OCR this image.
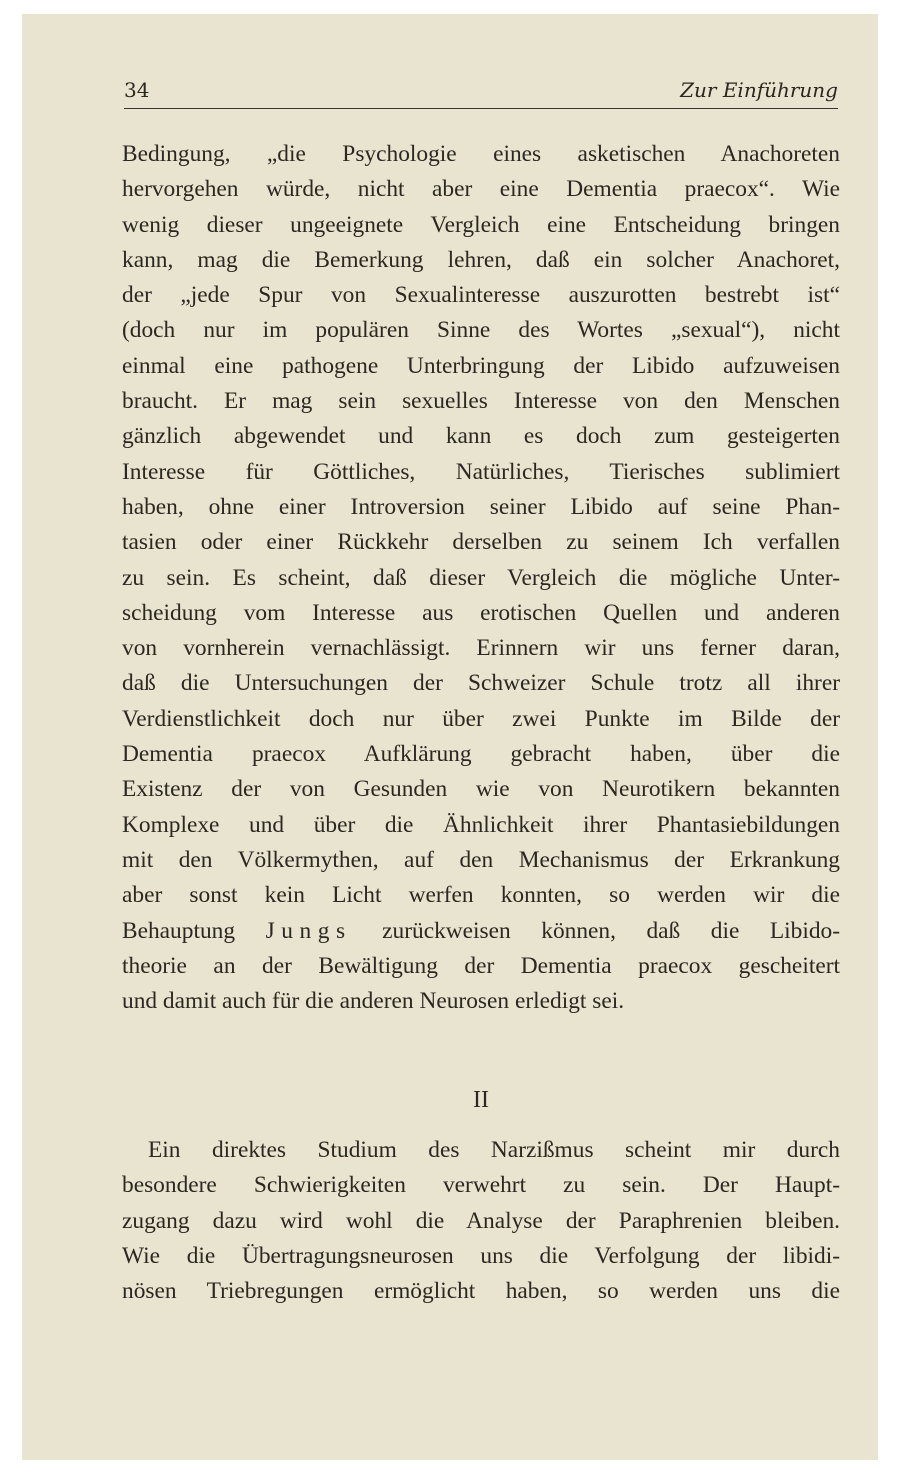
34	Zur Einführung
Bedingung, „die Psychologie eines asketischen Anachoreten
hervorgehen würde, nicht aber eine Dementia praecox“. Wie
wenig dieser ungeeignete Vergleich eine Entscheidung bringen
kann, mag die Bemerkung lehren, daß ein solcher Anachoret,
der „jede Spur von Sexualinteresse auszurotten bestrebt ist“
(doch nur im populären Sinne des Wortes „sexual“), nicht
einmal eine pathogene Unterbringung der Libido aufzuweisen
braucht. Er mag sein sexuelles Interesse von den Menschen
gänzlich abgewendet und kann es doch zum gesteigerten
Interesse für Göttliches, Natürliches, Tierisches sublimiert
haben, ohne einer Introversion seiner Libido auf seine Phan-
tasien oder einer Rückkehr derselben zu seinem Ich verfallen
zu sein. Es scheint, daß dieser Vergleich die mögliche Unter-
scheidung vom Interesse aus erotischen Quellen und anderen
von vornherein vernachlässigt. Erinnern wir uns ferner daran,
daß die Untersuchungen der Schweizer Schule trotz all ihrer
Verdienstlichkeit doch nur über zwei Punkte im Bilde der
Dementia praecox Aufklärung gebracht haben, über die
Existenz der von Gesunden wie von Neurotikern bekannten
Komplexe und über die Ähnlichkeit ihrer Phantasiebildungen
mit den Völkermythen, auf den Mechanismus der Erkrankung
aber sonst kein Licht werfen konnten, so werden wir die
Behauptung Jungs zurückweisen können, daß die Libido-
theorie an der Bewältigung der Dementia praecox gescheitert
und damit auch für die anderen Neurosen erledigt sei.
II
Ein direktes Studium des Narzißmus scheint mir durch
besondere Schwierigkeiten verwehrt zu sein. Der Haupt-
zugang dazu wird wohl die Analyse der Paraphrenien bleiben.
Wie die Übertragungsneurosen uns die Verfolgung der libidi-
nösen Triebregungen ermöglicht haben, so werden uns die
